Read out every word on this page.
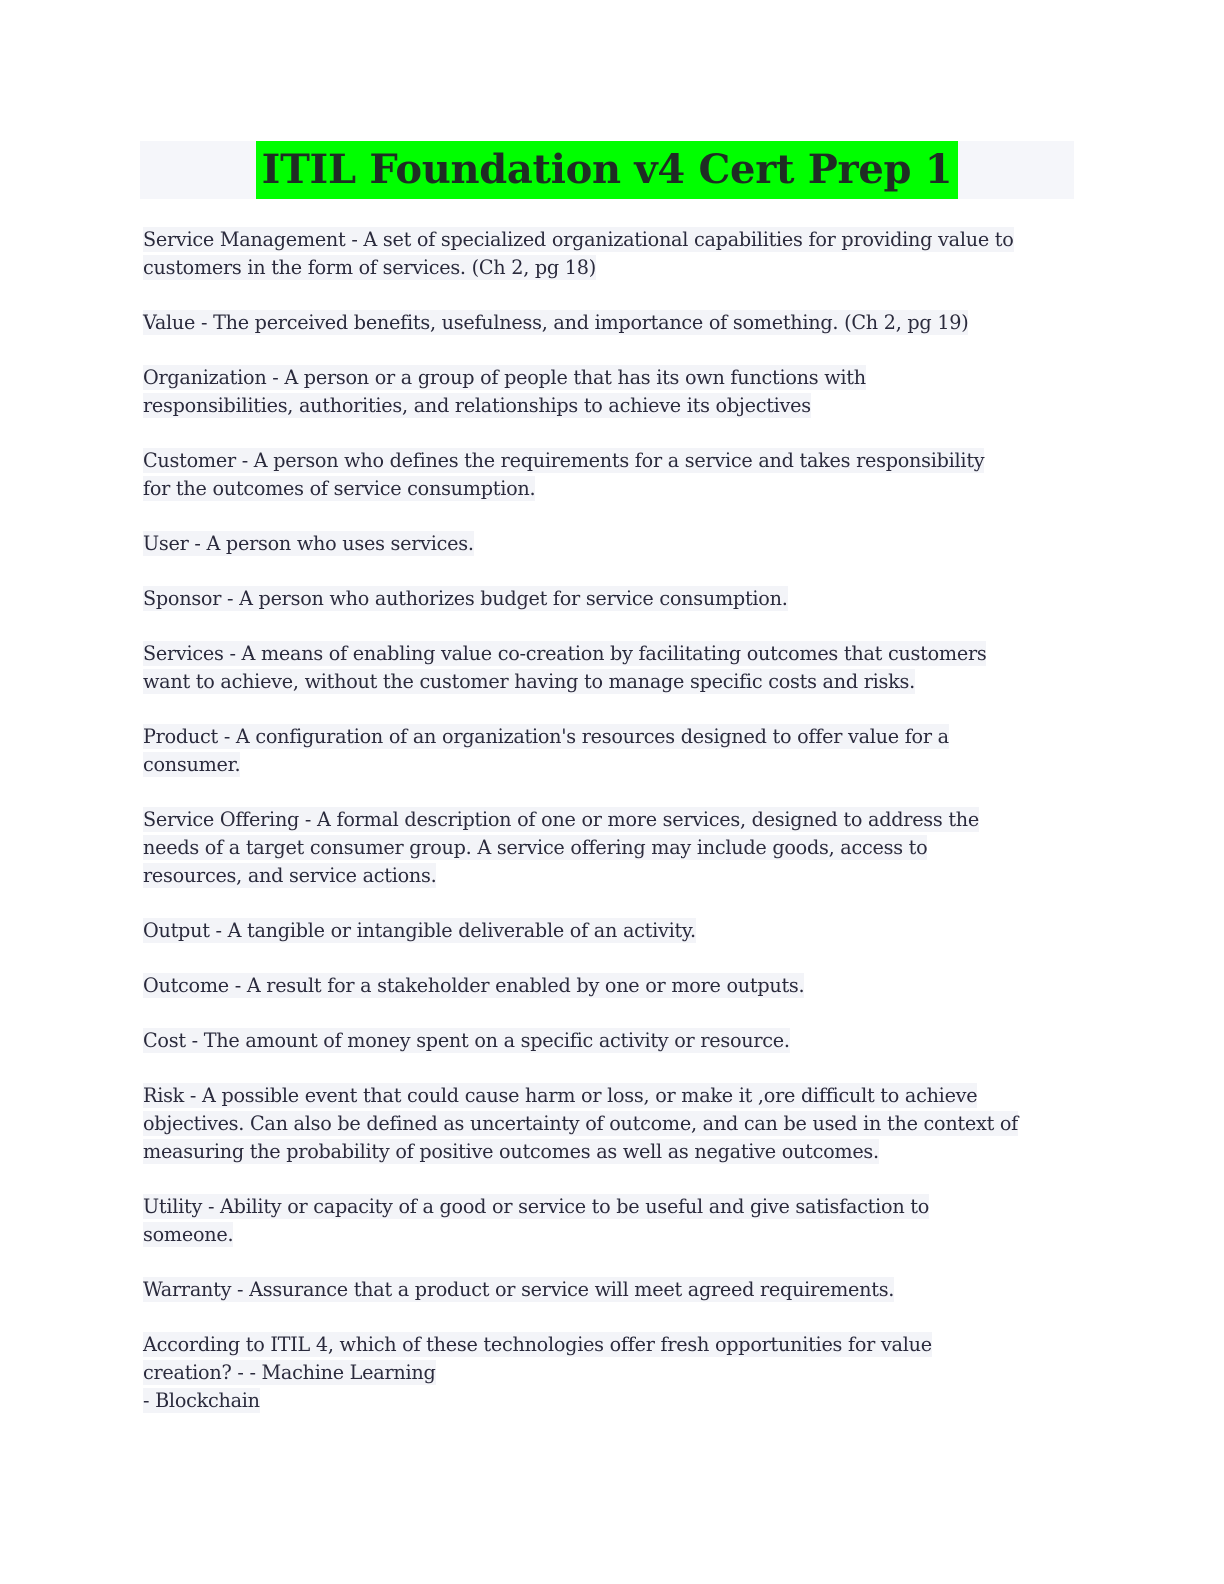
ITIL Foundation v4 Cert Prep 1
Service Management - A set of specialized organizational capabilities for providing value to
customers in the form of services. (Ch 2, pg 18)
Value - The perceived benefits, usefulness, and importance of something. (Ch 2, pg 19)
Organization - A person or a group of people that has its own functions with
responsibilities, authorities, and relationships to achieve its objectives
Customer - A person who defines the requirements for a service and takes responsibility
for the outcomes of service consumption.
User - A person who uses services.
Sponsor - A person who authorizes budget for service consumption.
Services - A means of enabling value co-creation by facilitating outcomes that customers
want to achieve, without the customer having to manage specific costs and risks.
Product - A configuration of an organization's resources designed to offer value for a
consumer.
Service Offering - A formal description of one or more services, designed to address the
needs of a target consumer group. A service offering may include goods, access to
resources, and service actions.
Output - A tangible or intangible deliverable of an activity.
Outcome - A result for a stakeholder enabled by one or more outputs.
Cost - The amount of money spent on a specific activity or resource.
Risk - A possible event that could cause harm or loss, or make it ,ore difficult to achieve
objectives. Can also be defined as uncertainty of outcome, and can be used in the context of
measuring the probability of positive outcomes as well as negative outcomes.
Utility - Ability or capacity of a good or service to be useful and give satisfaction to
someone.
Warranty - Assurance that a product or service will meet agreed requirements.
According to ITIL 4, which of these technologies offer fresh opportunities for value
creation? - - Machine Learning
- Blockchain
